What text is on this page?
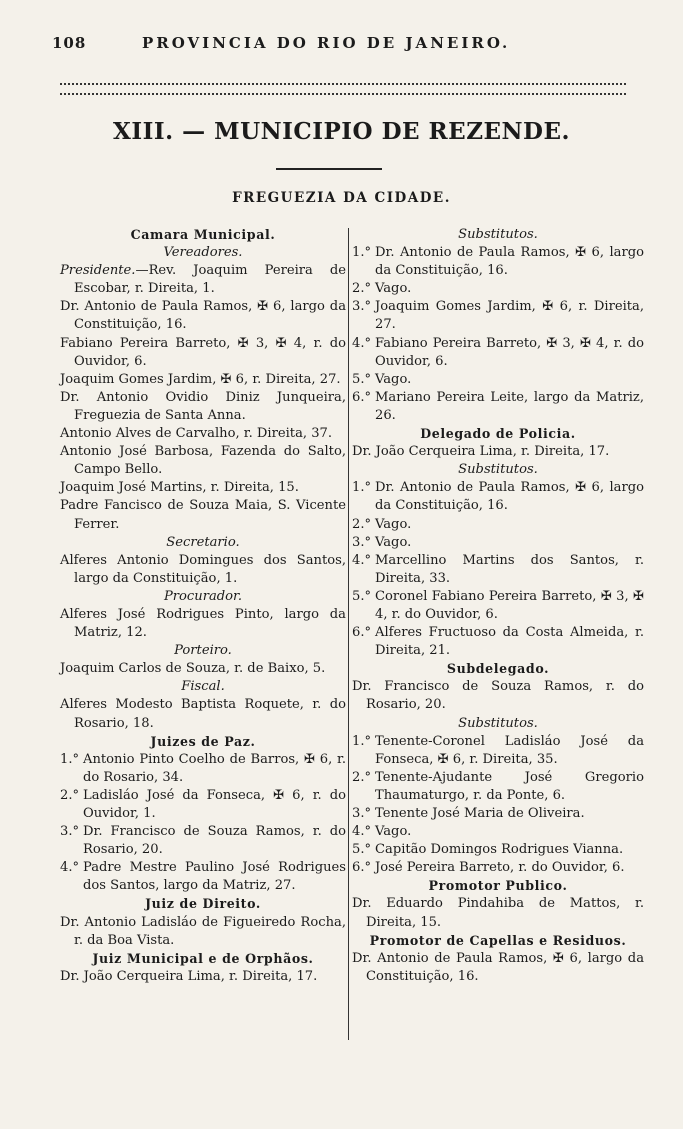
108	PROVINCIA DO RIO DE JANEIRO.
XIII. — MUNICIPIO DE REZENDE.
FREGUEZIA DA CIDADE.
Camara Municipal.
Vereadores.
Presidente.—Rev. Joaquim Pereira de Escobar, r. Direita, 1.
Dr. Antonio de Paula Ramos, ✠ 6, largo da Constituição, 16.
Fabiano Pereira Barreto, ✠ 3, ✠ 4, r. do Ouvidor, 6.
Joaquim Gomes Jardim, ✠ 6, r. Direita, 27.
Dr. Antonio Ovidio Diniz Junqueira, Freguezia de Santa Anna.
Antonio Alves de Carvalho, r. Direita, 37.
Antonio José Barbosa, Fazenda do Salto, Campo Bello.
Joaquim José Martins, r. Direita, 15.
Padre Fancisco de Souza Maia, S. Vicente Ferrer.
Secretario.
Alferes Antonio Domingues dos Santos, largo da Constituição, 1.
Procurador.
Alferes José Rodrigues Pinto, largo da Matriz, 12.
Porteiro.
Joaquim Carlos de Souza, r. de Baixo, 5.
Fiscal.
Alferes Modesto Baptista Roquete, r. do Rosario, 18.
Juizes de Paz.
1.° Antonio Pinto Coelho de Barros, ✠ 6, r. do Rosario, 34.
2.° Ladisláo José da Fonseca, ✠ 6, r. do Ouvidor, 1.
3.° Dr. Francisco de Souza Ramos, r. do Rosario, 20.
4.° Padre Mestre Paulino José Rodrigues dos Santos, largo da Matriz, 27.
Juiz de Direito.
Dr. Antonio Ladisláo de Figueiredo Rocha, r. da Boa Vista.
Juiz Municipal e de Orphãos.
Dr. João Cerqueira Lima, r. Direita, 17.
Substitutos.
1.° Dr. Antonio de Paula Ramos, ✠ 6, largo da Constituição, 16.
2.° Vago.
3.° Joaquim Gomes Jardim, ✠ 6, r. Direita, 27.
4.° Fabiano Pereira Barreto, ✠ 3, ✠ 4, r. do Ouvidor, 6.
5.° Vago.
6.° Mariano Pereira Leite, largo da Matriz, 26.
Delegado de Policia.
Dr. João Cerqueira Lima, r. Direita, 17.
Substitutos.
1.° Dr. Antonio de Paula Ramos, ✠ 6, largo da Constituição, 16.
2.° Vago.
3.° Vago.
4.° Marcellino Martins dos Santos, r. Direita, 33.
5.° Coronel Fabiano Pereira Barreto, ✠ 3, ✠ 4, r. do Ouvidor, 6.
6.° Alferes Fructuoso da Costa Almeida, r. Direita, 21.
Subdelegado.
Dr. Francisco de Souza Ramos, r. do Rosario, 20.
Substitutos.
1.° Tenente-Coronel Ladisláo José da Fonseca, ✠ 6, r. Direita, 35.
2.° Tenente-Ajudante José Gregorio Thaumaturgo, r. da Ponte, 6.
3.° Tenente José Maria de Oliveira.
4.° Vago.
5.° Capitão Domingos Rodrigues Vianna.
6.° José Pereira Barreto, r. do Ouvidor, 6.
Promotor Publico.
Dr. Eduardo Pindahiba de Mattos, r. Direita, 15.
Promotor de Capellas e Residuos.
Dr. Antonio de Paula Ramos, ✠ 6, largo da Constituição, 16.
